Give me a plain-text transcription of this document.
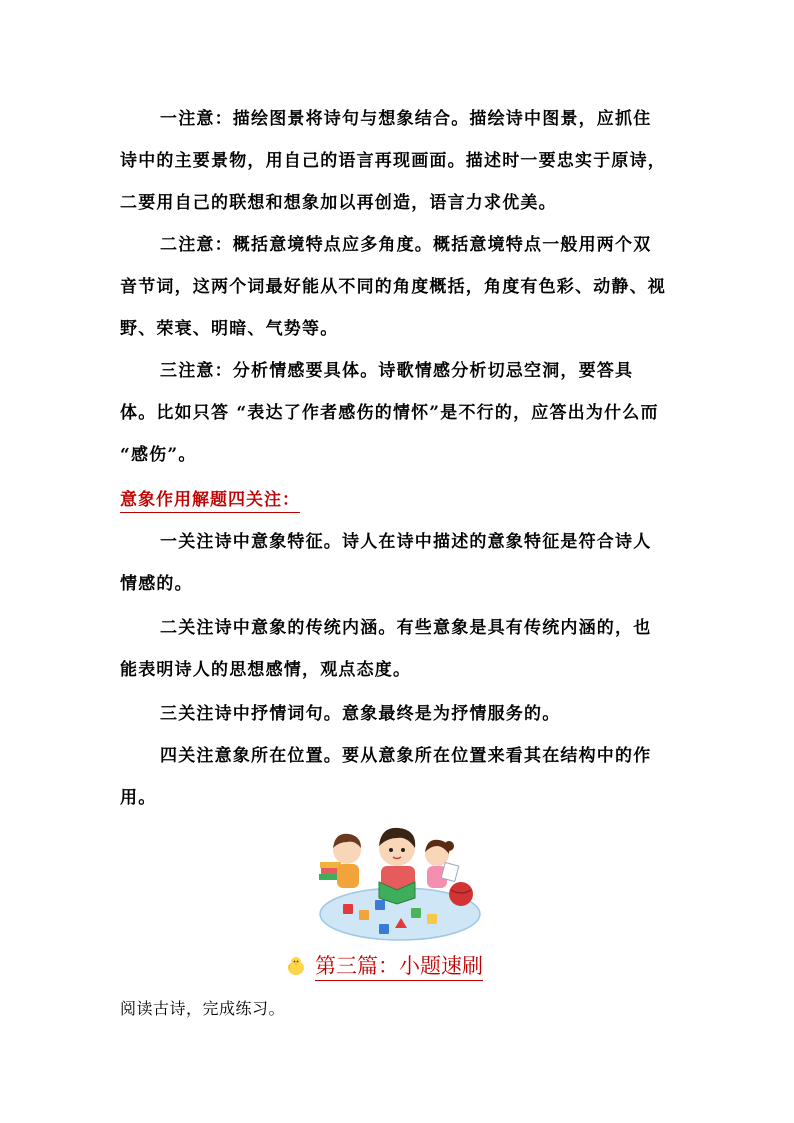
一注意：描绘图景将诗句与想象结合。描绘诗中图景，应抓住诗中的主要景物，用自己的语言再现画面。描述时一要忠实于原诗，二要用自己的联想和想象加以再创造，语言力求优美。

二注意：概括意境特点应多角度。概括意境特点一般用两个双音节词，这两个词最好能从不同的角度概括，角度有色彩、动静、视野、荣衰、明暗、气势等。

三注意：分析情感要具体。诗歌情感分析切忌空洞，要答具体。比如只答 “表达了作者感伤的情怀”是不行的，应答出为什么而 “感伤”。

意象作用解题四关注：

一关注诗中意象特征。诗人在诗中描述的意象特征是符合诗人情感的。

二关注诗中意象的传统内涵。有些意象是具有传统内涵的，也能表明诗人的思想感情，观点态度。

三关注诗中抒情词句。意象最终是为抒情服务的。

四关注意象所在位置。要从意象所在位置来看其在结构中的作用。

第三篇：小题速刷
阅读古诗，完成练习。
